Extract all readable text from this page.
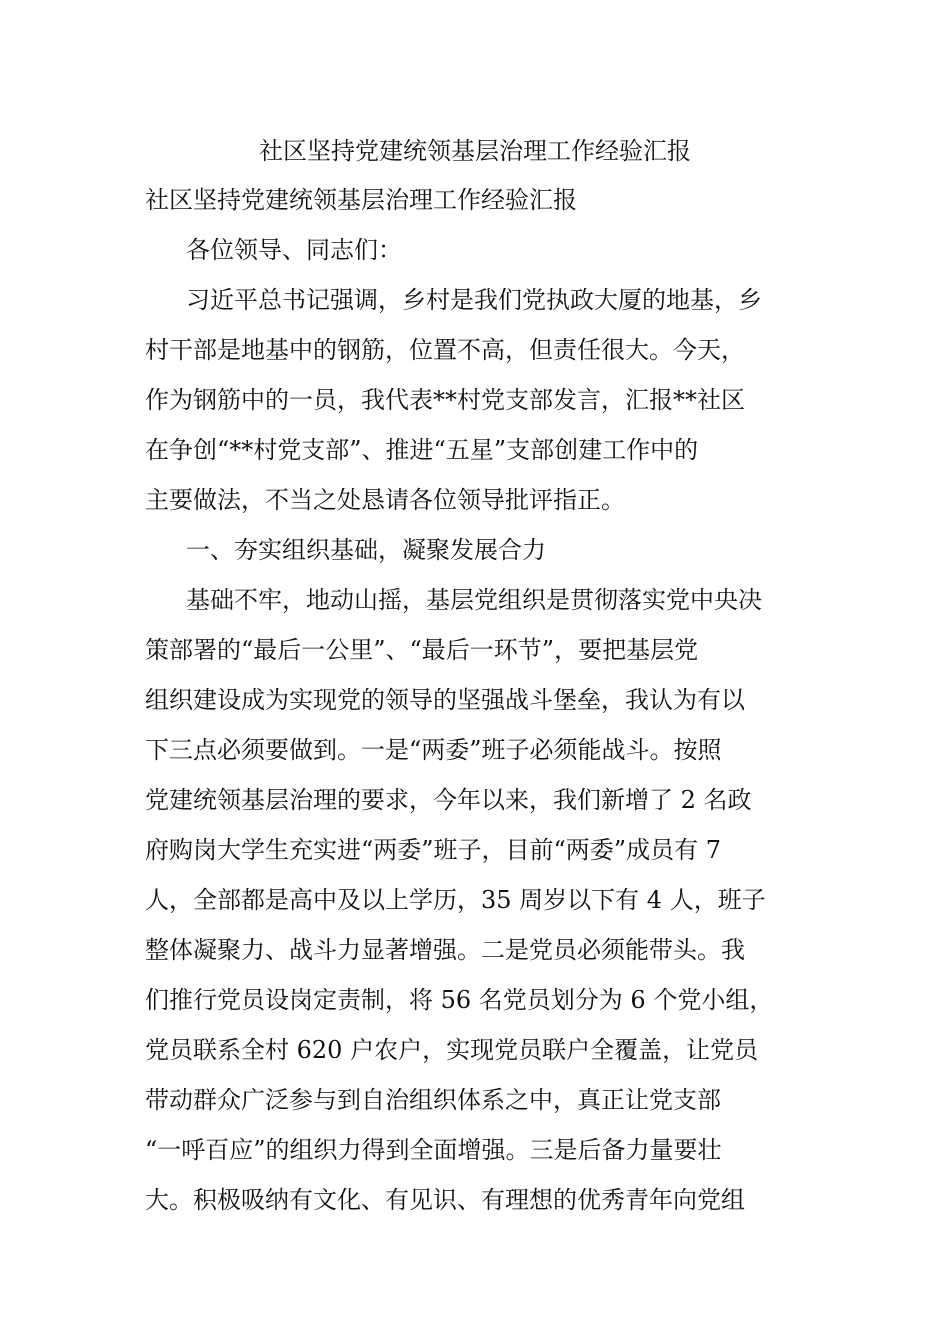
社区坚持党建统领基层治理工作经验汇报
社区坚持党建统领基层治理工作经验汇报
各位领导、同志们：
习近平总书记强调，乡村是我们党执政大厦的地基，乡
村干部是地基中的钢筋，位置不高，但责任很大。今天，
作为钢筋中的一员，我代表**村党支部发言，汇报**社区
在争创“**村党支部”、推进“五星”支部创建工作中的
主要做法，不当之处恳请各位领导批评指正。
一、夯实组织基础，凝聚发展合力
基础不牢，地动山摇，基层党组织是贯彻落实党中央决
策部署的“最后一公里”、“最后一环节”，要把基层党
组织建设成为实现党的领导的坚强战斗堡垒，我认为有以
下三点必须要做到。一是“两委”班子必须能战斗。按照
党建统领基层治理的要求，今年以来，我们新增了 2 名政
府购岗大学生充实进“两委”班子，目前“两委”成员有 7
人，全部都是高中及以上学历，35 周岁以下有 4 人，班子
整体凝聚力、战斗力显著增强。二是党员必须能带头。我
们推行党员设岗定责制，将 56 名党员划分为 6 个党小组，
党员联系全村 620 户农户，实现党员联户全覆盖，让党员
带动群众广泛参与到自治组织体系之中，真正让党支部
“一呼百应”的组织力得到全面增强。三是后备力量要壮
大。积极吸纳有文化、有见识、有理想的优秀青年向党组
